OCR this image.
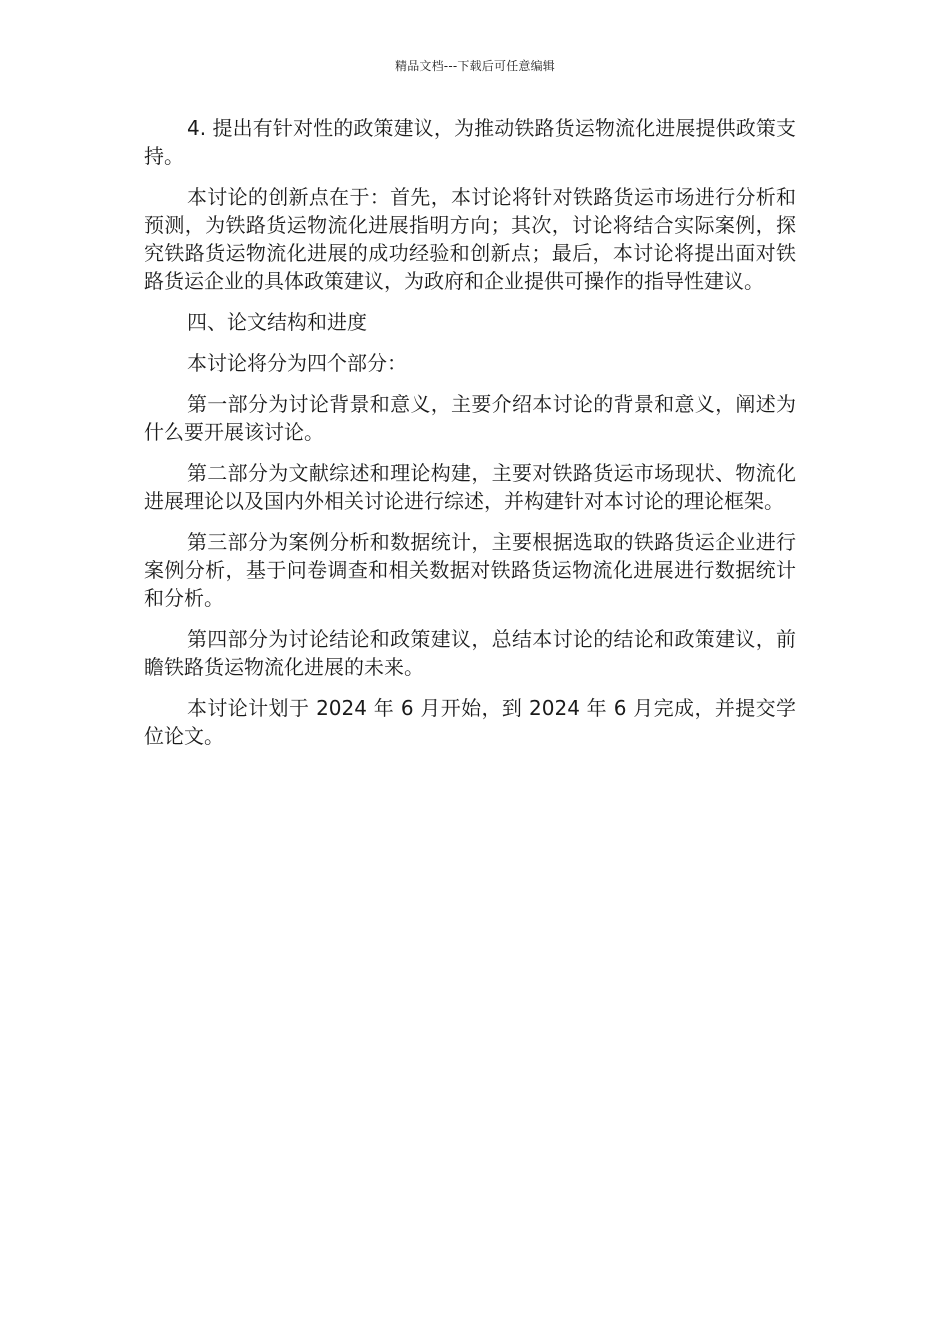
精品文档---下载后可任意编辑

4. 提出有针对性的政策建议，为推动铁路货运物流化进展提供政策支持。

本讨论的创新点在于：首先，本讨论将针对铁路货运市场进行分析和预测，为铁路货运物流化进展指明方向；其次，讨论将结合实际案例，探究铁路货运物流化进展的成功经验和创新点；最后，本讨论将提出面对铁路货运企业的具体政策建议，为政府和企业提供可操作的指导性建议。

四、论文结构和进度

本讨论将分为四个部分：

第一部分为讨论背景和意义，主要介绍本讨论的背景和意义，阐述为什么要开展该讨论。

第二部分为文献综述和理论构建，主要对铁路货运市场现状、物流化进展理论以及国内外相关讨论进行综述，并构建针对本讨论的理论框架。

第三部分为案例分析和数据统计，主要根据选取的铁路货运企业进行案例分析，基于问卷调查和相关数据对铁路货运物流化进展进行数据统计和分析。

第四部分为讨论结论和政策建议，总结本讨论的结论和政策建议，前瞻铁路货运物流化进展的未来。

本讨论计划于 2024 年 6 月开始，到 2024 年 6 月完成，并提交学位论文。
